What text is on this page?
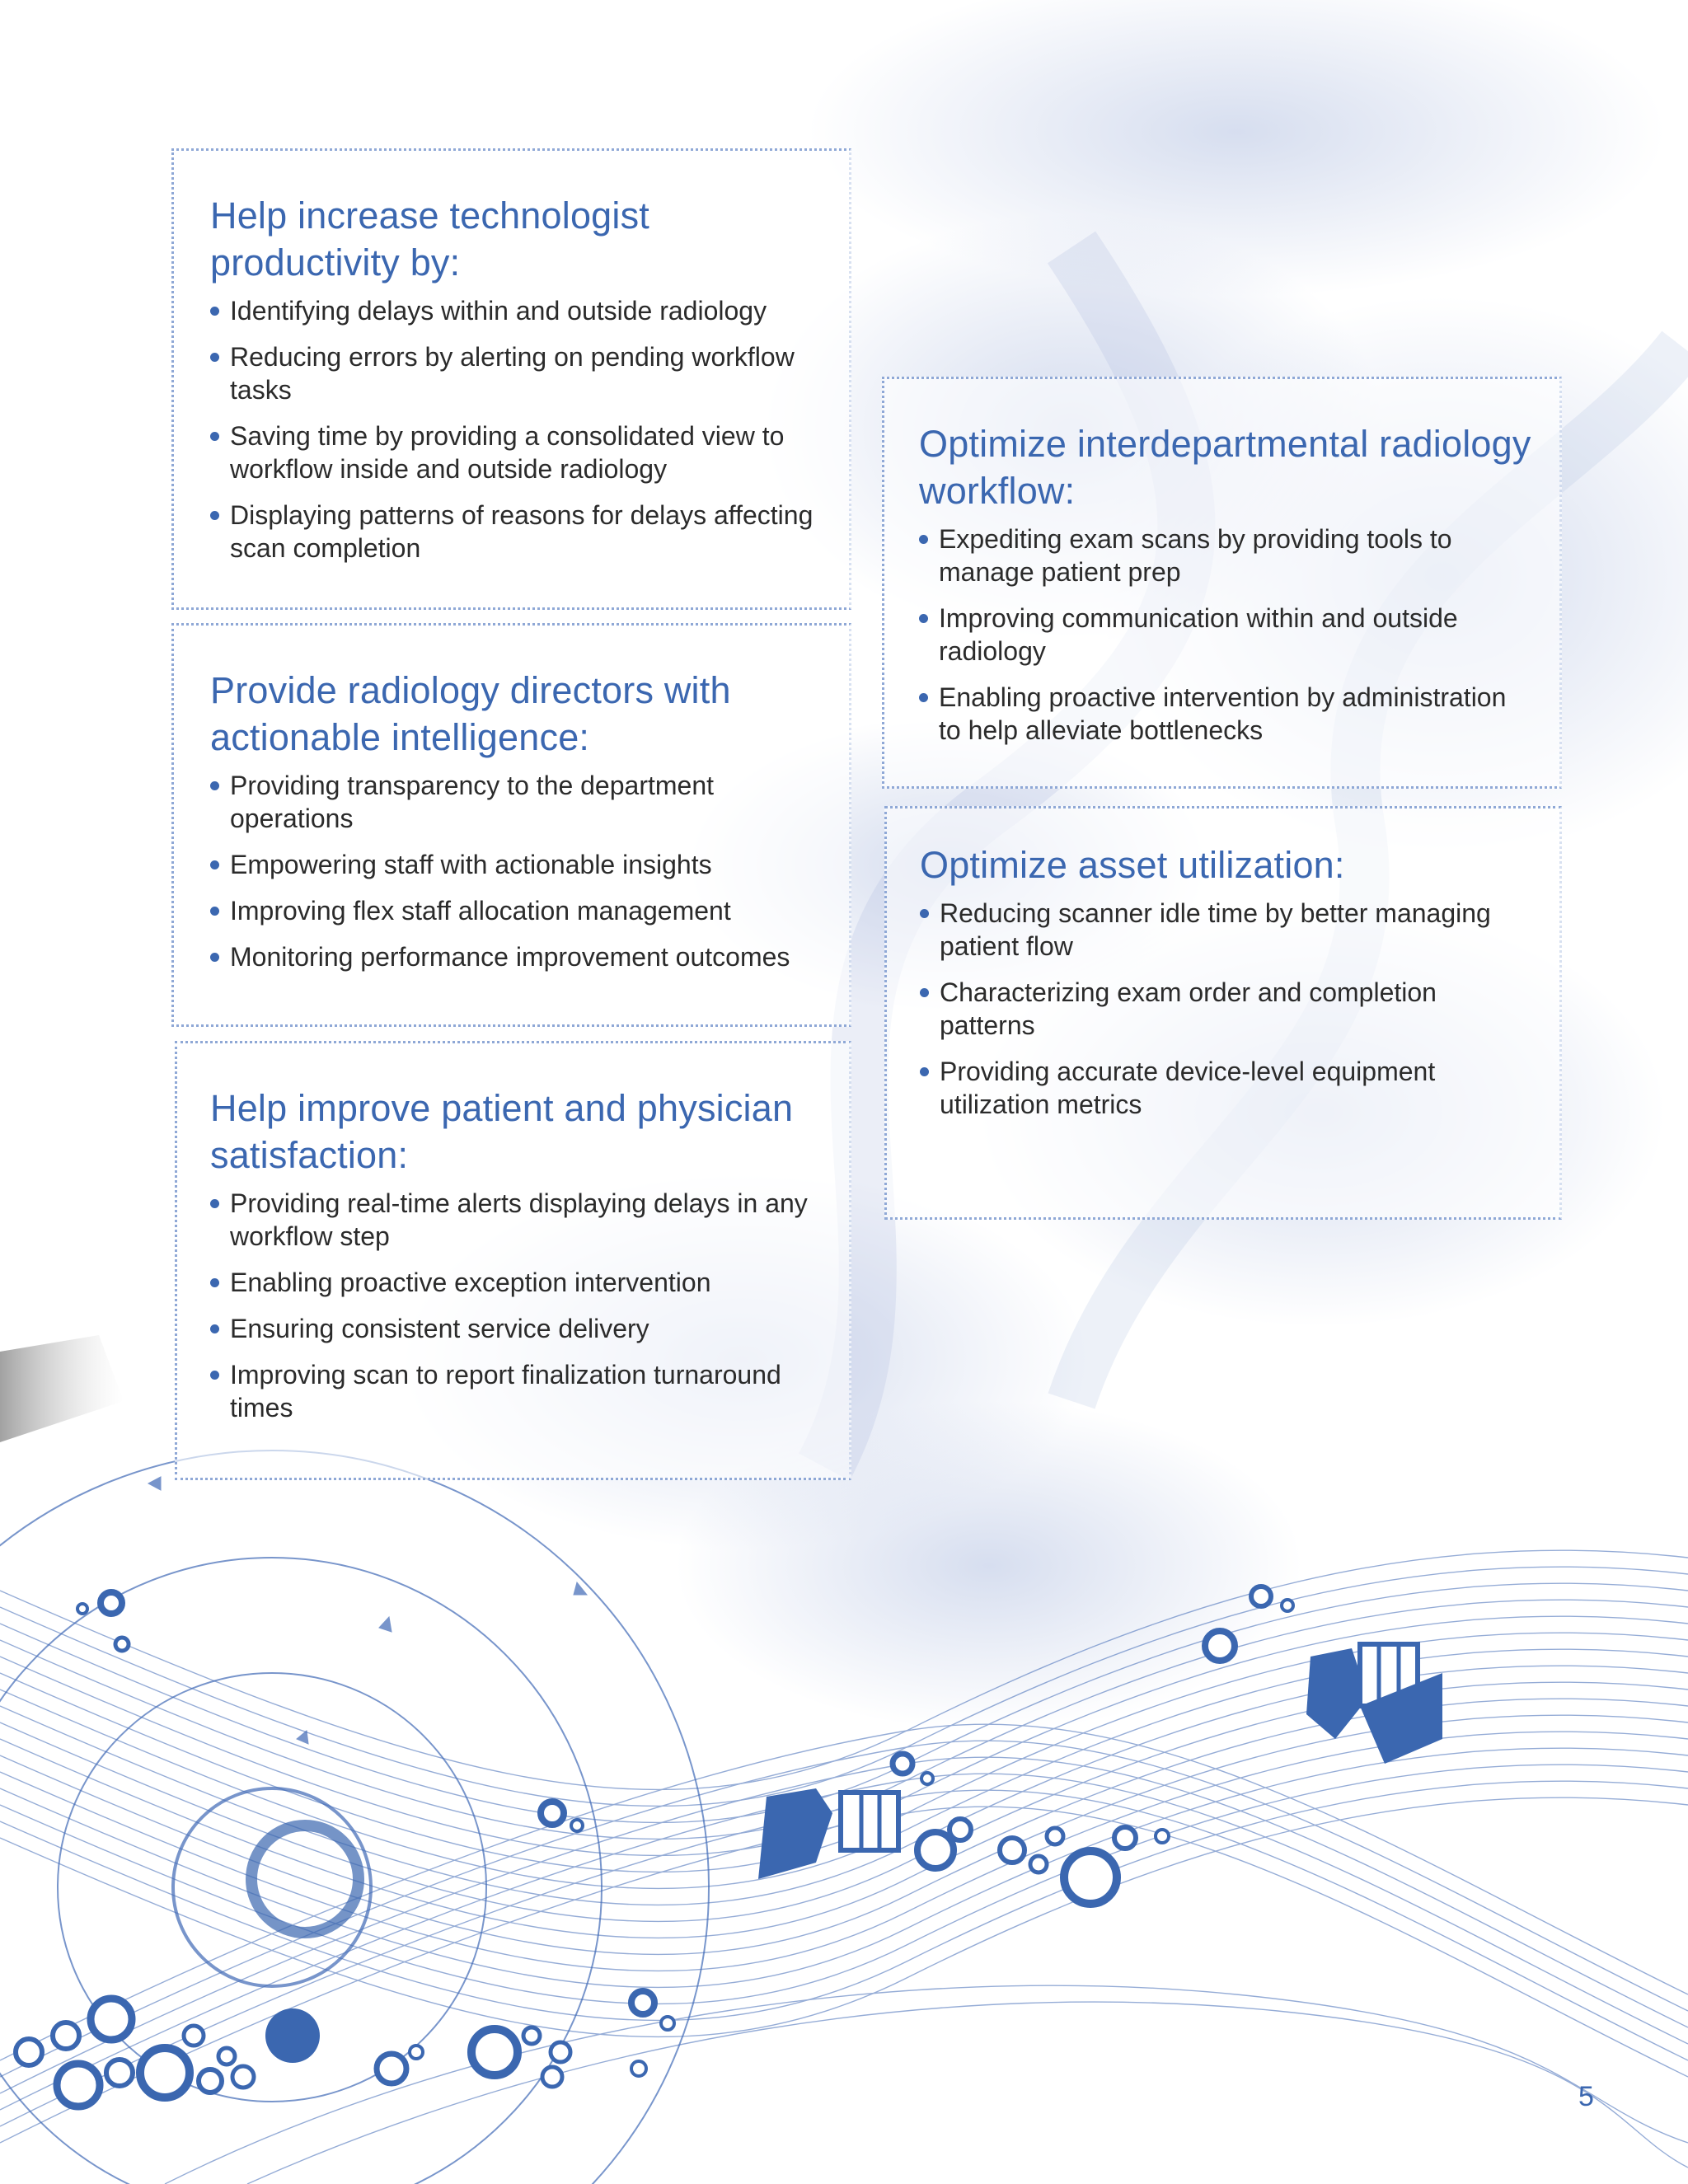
Help increase technologist productivity by:
Identifying delays within and outside radiology
Reducing errors by alerting on pending workflow tasks
Saving time by providing a consolidated view to workflow inside and outside radiology
Displaying patterns of reasons for delays affecting scan completion
Provide radiology directors with actionable intelligence:
Providing transparency to the department operations
Empowering staff with actionable insights
Improving flex staff allocation management
Monitoring performance improvement outcomes
Help improve patient and physician satisfaction:
Providing real-time alerts displaying delays in any workflow step
Enabling proactive exception intervention
Ensuring consistent service delivery
Improving scan to report finalization turnaround times
Optimize interdepartmental radiology workflow:
Expediting exam scans by providing tools to manage patient prep
Improving communication within and outside radiology
Enabling proactive intervention by administration to help alleviate bottlenecks
Optimize asset utilization:
Reducing scanner idle time by better managing patient flow
Characterizing exam order and completion patterns
Providing accurate device-level equipment utilization metrics
5
